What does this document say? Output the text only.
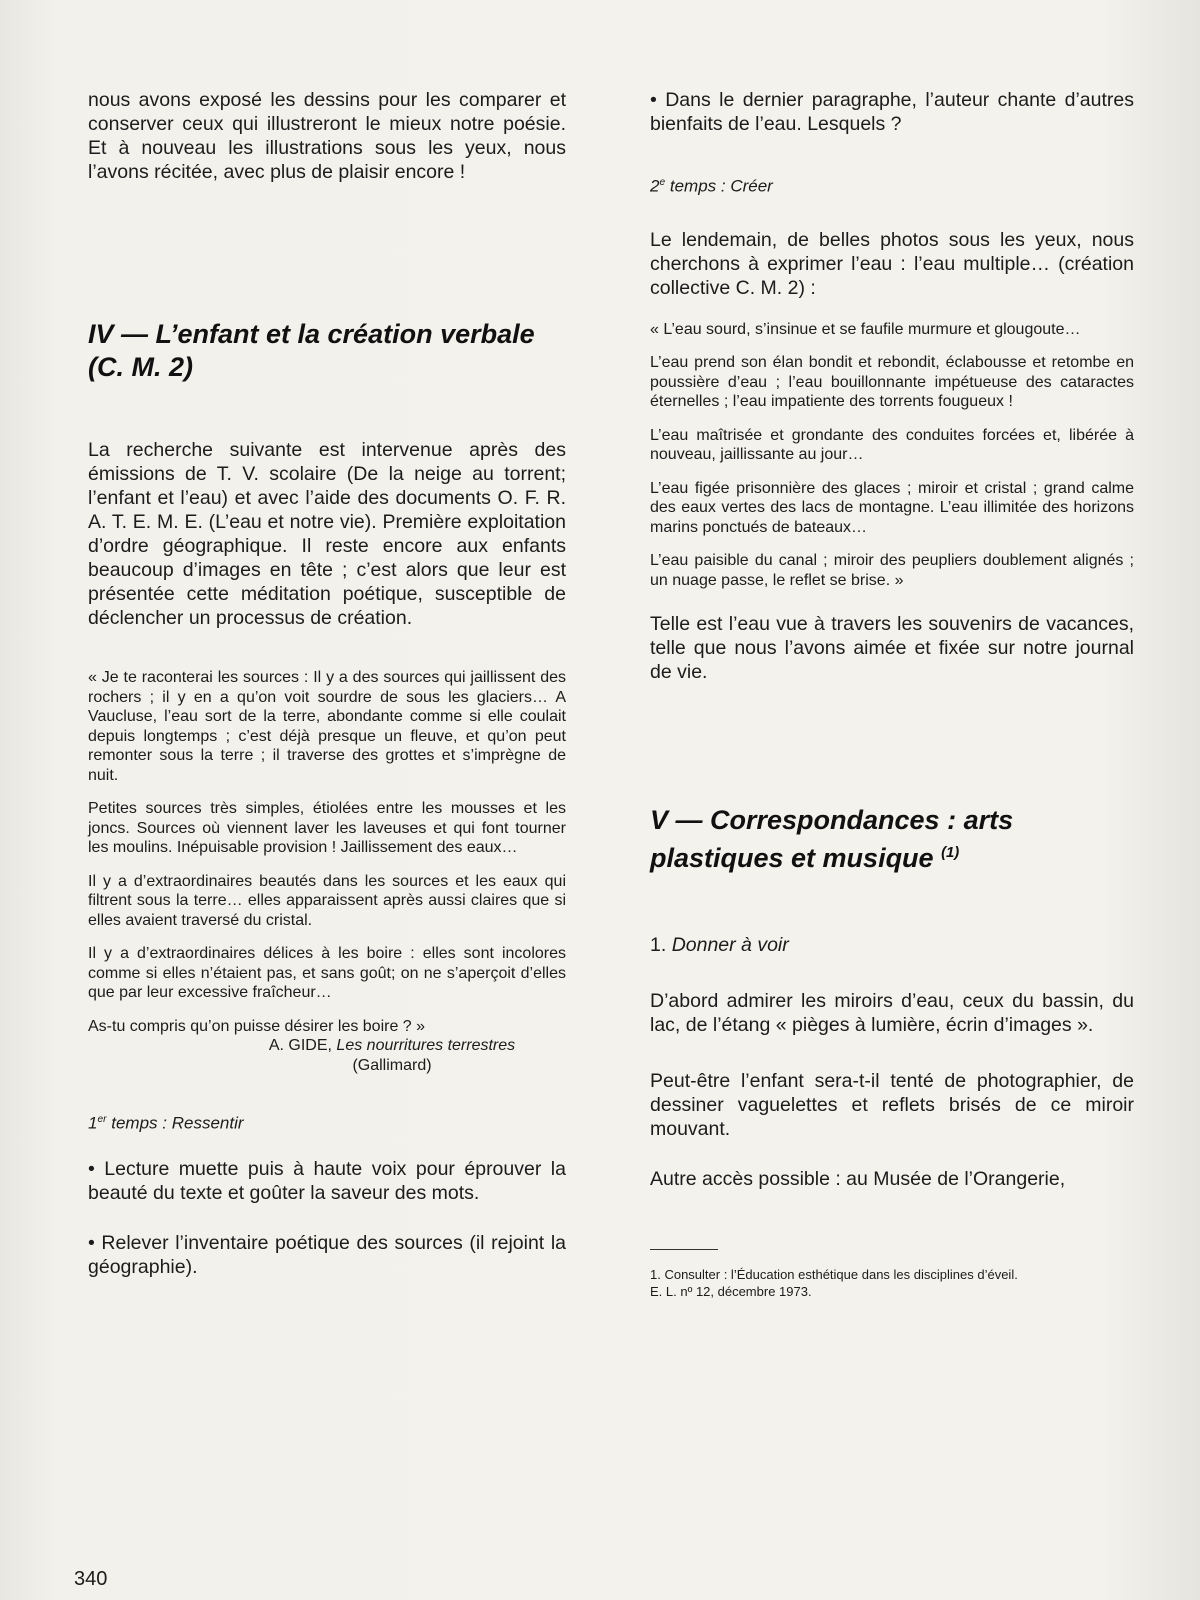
nous avons exposé les dessins pour les comparer et conserver ceux qui illustreront le mieux notre poésie. Et à nouveau les illustrations sous les yeux, nous l’avons récitée, avec plus de plaisir encore !

IV — L’enfant et la création verbale (C. M. 2)

La recherche suivante est intervenue après des émissions de T. V. scolaire (De la neige au torrent; l’enfant et l’eau) et avec l’aide des documents O. F. R. A. T. E. M. E. (L’eau et notre vie). Première exploitation d’ordre géographique. Il reste encore aux enfants beaucoup d’images en tête ; c’est alors que leur est présentée cette méditation poétique, susceptible de déclencher un processus de création.

« Je te raconterai les sources : Il y a des sources qui jaillissent des rochers ; il y en a qu’on voit sourdre de sous les glaciers… A Vaucluse, l’eau sort de la terre, abondante comme si elle coulait depuis longtemps ; c’est déjà presque un fleuve, et qu’on peut remonter sous la terre ; il traverse des grottes et s’imprègne de nuit.

Petites sources très simples, étiolées entre les mousses et les joncs. Sources où viennent laver les laveuses et qui font tourner les moulins. Inépuisable provision ! Jaillissement des eaux…

Il y a d’extraordinaires beautés dans les sources et les eaux qui filtrent sous la terre… elles apparaissent après aussi claires que si elles avaient traversé du cristal.

Il y a d’extraordinaires délices à les boire : elles sont incolores comme si elles n’étaient pas, et sans goût; on ne s’aperçoit d’elles que par leur excessive fraîcheur…

As-tu compris qu’on puisse désirer les boire ? »

A. GIDE, Les nourritures terrestres
(Gallimard)

1er temps : Ressentir

• Lecture muette puis à haute voix pour éprouver la beauté du texte et goûter la saveur des mots.

• Relever l’inventaire poétique des sources (il rejoint la géographie).

• Dans le dernier paragraphe, l’auteur chante d’autres bienfaits de l’eau. Lesquels ?

2e temps : Créer

Le lendemain, de belles photos sous les yeux, nous cherchons à exprimer l’eau : l’eau multiple… (création collective C. M. 2) :

« L’eau sourd, s’insinue et se faufile murmure et glougoute…

L’eau prend son élan bondit et rebondit, éclabousse et retombe en poussière d’eau ; l’eau bouillonnante impétueuse des cataractes éternelles ; l’eau impatiente des torrents fougueux !

L’eau maîtrisée et grondante des conduites forcées et, libérée à nouveau, jaillissante au jour…

L’eau figée prisonnière des glaces ; miroir et cristal ; grand calme des eaux vertes des lacs de montagne. L’eau illimitée des horizons marins ponctués de bateaux…

L’eau paisible du canal ; miroir des peupliers doublement alignés ; un nuage passe, le reflet se brise. »

Telle est l’eau vue à travers les souvenirs de vacances, telle que nous l’avons aimée et fixée sur notre journal de vie.

V — Correspondances : arts plastiques et musique $^{(1)}$

1. Donner à voir

D’abord admirer les miroirs d’eau, ceux du bassin, du lac, de l’étang « pièges à lumière, écrin d’images ».

Peut-être l’enfant sera-t-il tenté de photographier, de dessiner vaguelettes et reflets brisés de ce miroir mouvant.

Autre accès possible : au Musée de l’Orangerie,

1. Consulter : l’Éducation esthétique dans les disciplines d’éveil.

E. L. nº 12, décembre 1973.

340
